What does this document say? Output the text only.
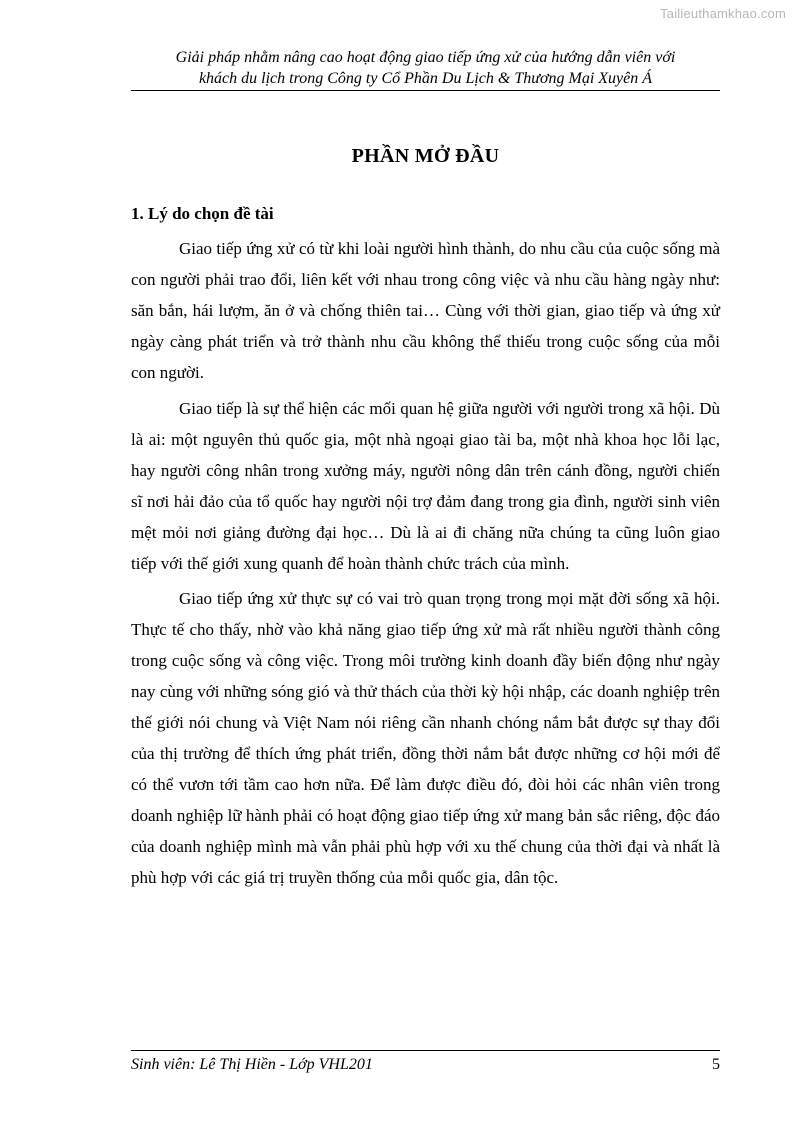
Tailieuthamkhao.com
Giải pháp nhằm nâng cao hoạt động giao tiếp ứng xử của hướng dẫn viên với
khách du lịch trong Công ty Cổ Phần Du Lịch & Thương Mại Xuyên Á
PHẦN MỞ ĐẦU
1. Lý do chọn đề tài

Giao tiếp ứng xử có từ khi loài người hình thành, do nhu cầu của cuộc sống mà con người phải trao đổi, liên kết với nhau trong công việc và nhu cầu hàng ngày như: săn bắn, hái lượm, ăn ở và chống thiên tai… Cùng với thời gian, giao tiếp và ứng xử ngày càng phát triển và trở thành nhu cầu không thể thiếu trong cuộc sống của mỗi con người.

Giao tiếp là sự thể hiện các mối quan hệ giữa người với người trong xã hội. Dù là ai: một nguyên thủ quốc gia, một nhà ngoại giao tài ba, một nhà khoa học lỗi lạc, hay người công nhân trong xưởng máy, người nông dân trên cánh đồng, người chiến sĩ nơi hải đảo của tổ quốc hay người nội trợ đảm đang trong gia đình, người sinh viên mệt mỏi nơi giảng đường đại học… Dù là ai đi chăng nữa chúng ta cũng luôn giao tiếp với thế giới xung quanh để hoàn thành chức trách của mình.

Giao tiếp ứng xử thực sự có vai trò quan trọng trong mọi mặt đời sống xã hội. Thực tế cho thấy, nhờ vào khả năng giao tiếp ứng xử mà rất nhiều người thành công trong cuộc sống và công việc. Trong môi trường kinh doanh đầy biến động như ngày nay cùng với những sóng gió và thử thách của thời kỳ hội nhập, các doanh nghiệp trên thế giới nói chung và Việt Nam nói riêng cần nhanh chóng nắm bắt được sự thay đổi của thị trường để thích ứng phát triển, đồng thời nắm bắt được những cơ hội mới để có thể vươn tới tầm cao hơn nữa. Để làm được điều đó, đòi hỏi các nhân viên trong doanh nghiệp lữ hành phải có hoạt động giao tiếp ứng xử mang bản sắc riêng, độc đáo của doanh nghiệp mình mà vẫn phải phù hợp với xu thế chung của thời đại và nhất là phù hợp với các giá trị truyền thống của mỗi quốc gia, dân tộc.

Sinh viên: Lê Thị Hiền - Lớp VHL201	5
